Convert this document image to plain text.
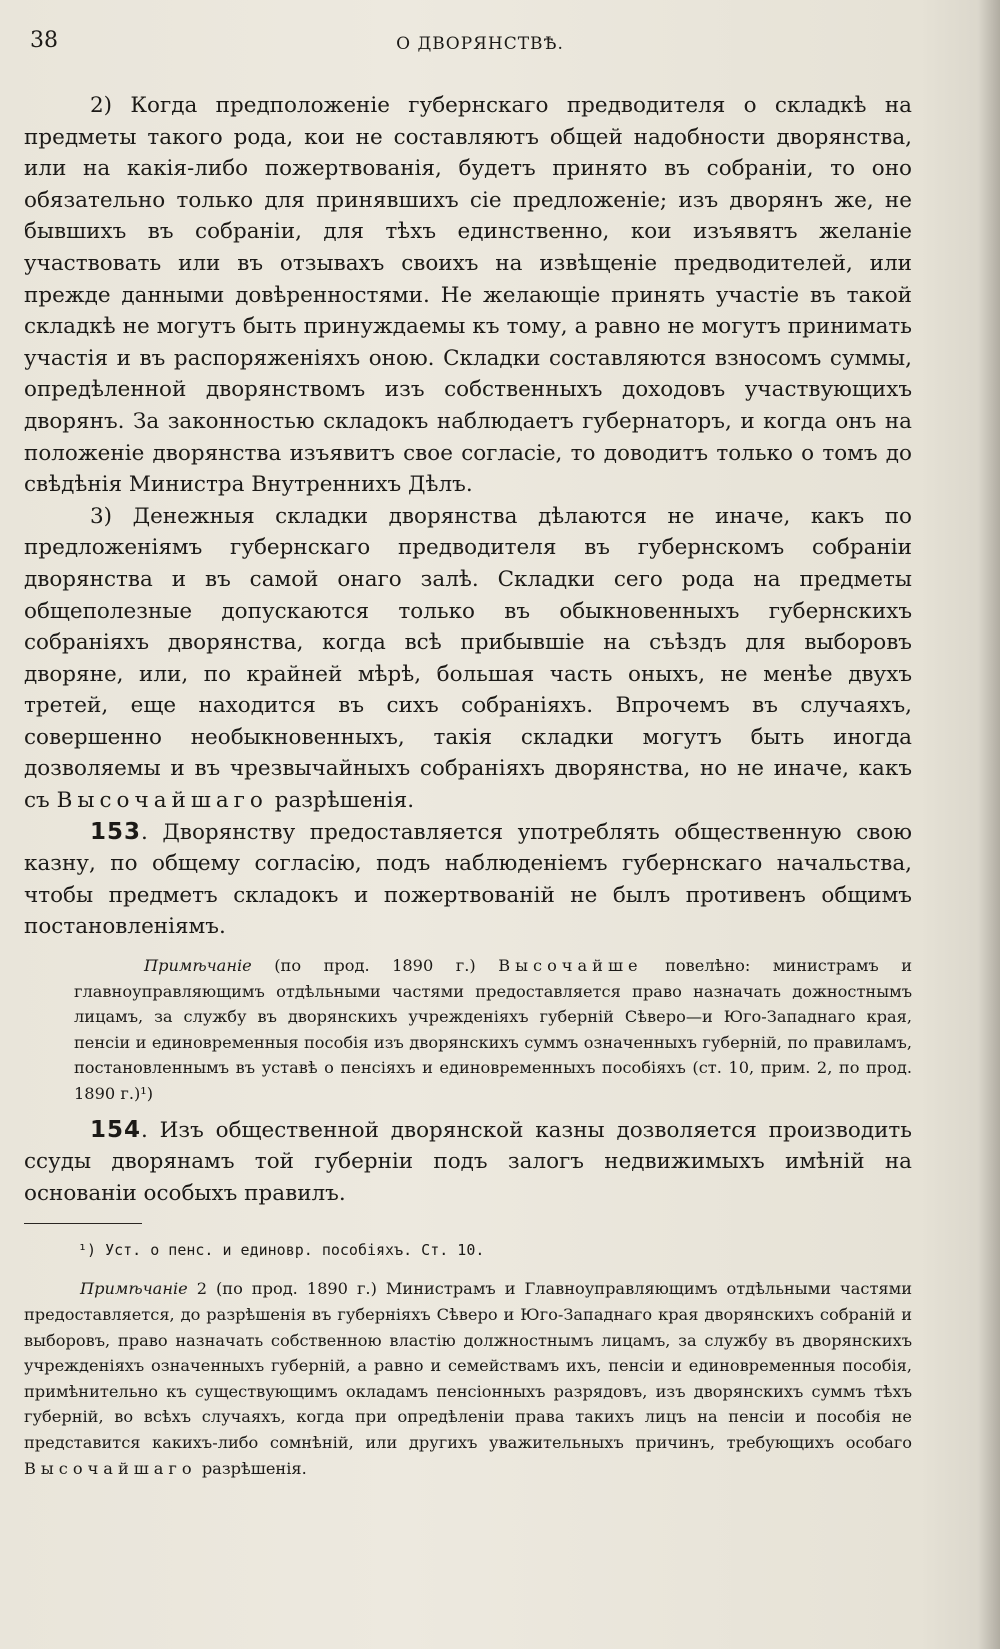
38	О ДВОРЯНСТВѢ.

2) Когда предположеніе губернскаго предводителя о складкѣ на предметы такого рода, кои не составляютъ общей надобности дворянства, или на какія-либо пожертвованія, будетъ принято въ собраніи, то оно обязательно только для принявшихъ сіе предложеніе; изъ дворянъ же, не бывшихъ въ собраніи, для тѣхъ единственно, кои изъявятъ желаніе участвовать или въ отзывахъ своихъ на извѣщеніе предводителей, или прежде данными довѣренностями. Не желающіе принять участіе въ такой складкѣ не могутъ быть принуждаемы къ тому, а равно не могутъ принимать участія и въ распоряженіяхъ оною. Складки составляются взносомъ суммы, опредѣленной дворянствомъ изъ собственныхъ доходовъ участвующихъ дворянъ. За законностью складокъ наблюдаетъ губернаторъ, и когда онъ на положеніе дворянства изъявитъ свое согласіе, то доводитъ только о томъ до свѣдѣнія Министра Внутреннихъ Дѣлъ.

3) Денежныя складки дворянства дѣлаются не иначе, какъ по предложеніямъ губернскаго предводителя въ губернскомъ собраніи дворянства и въ самой онаго залѣ. Складки сего рода на предметы общеполезные допускаются только въ обыкновенныхъ губернскихъ собраніяхъ дворянства, когда всѣ прибывшіе на съѣздъ для выборовъ дворяне, или, по крайней мѣрѣ, большая часть оныхъ, не менѣе двухъ третей, еще находится въ сихъ собраніяхъ. Впрочемъ въ случаяхъ, совершенно необыкновенныхъ, такія складки могутъ быть иногда дозволяемы и въ чрезвычайныхъ собраніяхъ дворянства, но не иначе, какъ съ Высочайшаго разрѣшенія.

153. Дворянству предоставляется употреблять общественную свою казну, по общему согласію, подъ наблюденіемъ губернскаго начальства, чтобы предметъ складокъ и пожертвованій не былъ противенъ общимъ постановленіямъ.

Примѣчаніе (по прод. 1890 г.) Высочайше повелѣно: министрамъ и главноуправляющимъ отдѣльными частями предоставляется право назначать дожностнымъ лицамъ, за службу въ дворянскихъ учрежденіяхъ губерній Сѣверо—и Юго-Западнаго края, пенсіи и единовременныя пособія изъ дворянскихъ суммъ означенныхъ губерній, по правиламъ, постановленнымъ въ уставѣ о пенсіяхъ и единовременныхъ пособіяхъ (ст. 10, прим. 2, по прод. 1890 г.)¹)

154. Изъ общественной дворянской казны дозволяется производить ссуды дворянамъ той губерніи подъ залогъ недвижимыхъ имѣній на основаніи особыхъ правилъ.

¹) Уст. о пенс. и единовр. пособіяхъ. Ст. 10.

Примѣчаніе 2 (по прод. 1890 г.) Министрамъ и Главноуправляющимъ отдѣльными частями предоставляется, до разрѣшенія въ губерніяхъ Сѣверо и Юго-Западнаго края дворянскихъ собраній и выборовъ, право назначать собственною властію должностнымъ лицамъ, за службу въ дворянскихъ учрежденіяхъ означенныхъ губерній, а равно и семействамъ ихъ, пенсіи и единовременныя пособія, примѣнительно къ существующимъ окладамъ пенсіонныхъ разрядовъ, изъ дворянскихъ суммъ тѣхъ губерній, во всѣхъ случаяхъ, когда при опредѣленіи права такихъ лицъ на пенсіи и пособія не представится какихъ-либо сомнѣній, или другихъ уважительныхъ причинъ, требующихъ особаго Высочайшаго разрѣшенія.
